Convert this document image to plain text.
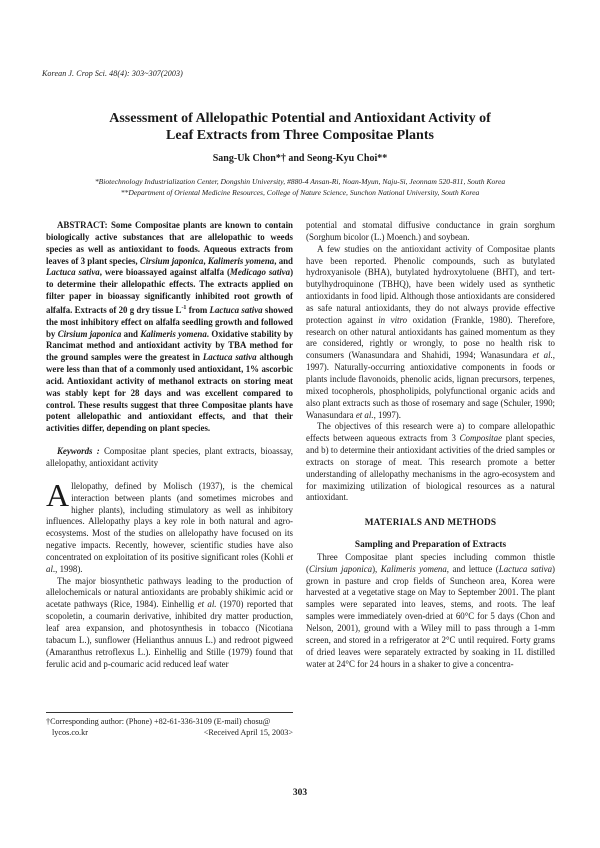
Korean J. Crop Sci. 48(4): 303~307(2003)
Assessment of Allelopathic Potential and Antioxidant Activity of
Leaf Extracts from Three Compositae Plants
Sang-Uk Chon*† and Seong-Kyu Choi**
*Biotechnology Industrialization Center, Dongshin University, #880-4 Ansan-Ri, Noan-Myun, Naju-Si, Jeonnam 520-811, South Korea
**Department of Oriental Medicine Resources, College of Nature Science, Sunchon National University, South Korea
ABSTRACT: Some Compositae plants are known to contain biologically active substances that are allelopathic to weeds species as well as antioxidant to foods. Aqueous extracts from leaves of 3 plant species, Cirsium japonica, Kalimeris yomena, and Lactuca sativa, were bioassayed against alfalfa (Medicago sativa) to determine their allelopathic effects. The extracts applied on filter paper in bioassay significantly inhibited root growth of alfalfa. Extracts of 20 g dry tissue $L^{-1}$ from Lactuca sativa showed the most inhibitory effect on alfalfa seedling growth and followed by Cirsium japonica and Kalimeris yomena. Oxidative stability by Rancimat method and antioxidant activity by TBA method for the ground samples were the greatest in Lactuca sativa although were less than that of a commonly used antioxidant, 1% ascorbic acid. Antioxidant activity of methanol extracts on storing meat was stably kept for 28 days and was excellent compared to control. These results suggest that three Compositae plants have potent allelopathic and antioxidant effects, and that their activities differ, depending on plant species.
Keywords : Compositae plant species, plant extracts, bioassay, allelopathy, antioxidant activity

Allelopathy, defined by Molisch (1937), is the chemical interaction between plants (and sometimes microbes and higher plants), including stimulatory as well as inhibitory influences. Allelopathy plays a key role in both natural and agro-ecosystems. Most of the studies on allelopathy have focused on its negative impacts. Recently, however, scientific studies have also concentrated on exploitation of its positive significant roles (Kohli et al., 1998).

The major biosynthetic pathways leading to the production of allelochemicals or natural antioxidants are probably shikimic acid or acetate pathways (Rice, 1984). Einhellig et al. (1970) reported that scopoletin, a coumarin derivative, inhibited dry matter production, leaf area expansion, and photosynthesis in tobacco (Nicotiana tabacum L.), sunflower (Helianthus annuus L.) and redroot pigweed (Amaranthus retroflexus L.). Einhellig and Stille (1979) found that ferulic acid and p-coumaric acid reduced leaf water

†Corresponding author: (Phone) +82-61-336-3109 (E-mail) chosu@
lycos.co.kr	<Received April 15, 2003>

potential and stomatal diffusive conductance in grain sorghum (Sorghum bicolor (L.) Moench.) and soybean.

A few studies on the antioxidant activity of Compositae plants have been reported. Phenolic compounds, such as butylated hydroxyanisole (BHA), butylated hydroxytoluene (BHT), and tert-butylhydroquinone (TBHQ), have been widely used as synthetic antioxidants in food lipid. Although those antioxidants are considered as safe natural antioxidants, they do not always provide effective protection against in vitro oxidation (Frankle, 1980). Therefore, research on other natural antioxidants has gained momentum as they are considered, rightly or wrongly, to pose no health risk to consumers (Wanasundara and Shahidi, 1994; Wanasundara et al., 1997). Naturally-occurring antioxidative components in foods or plants include flavonoids, phenolic acids, lignan precursors, terpenes, mixed tocopherols, phospholipids, polyfunctional organic acids and also plant extracts such as those of rosemary and sage (Schuler, 1990; Wanasundara et al., 1997).

The objectives of this research were a) to compare allelopathic effects between aqueous extracts from 3 Compositae plant species, and b) to determine their antioxidant activities of the dried samples or extracts on storage of meat. This research promote a better understanding of allelopathy mechanisms in the agro-ecosystem and for maximizing utilization of biological resources as a natural antioxidant.

MATERIALS AND METHODS
Sampling and Preparation of Extracts

Three Compositae plant species including common thistle (Cirsium japonica), Kalimeris yomena, and lettuce (Lactuca sativa) grown in pasture and crop fields of Suncheon area, Korea were harvested at a vegetative stage on May to September 2001. The plant samples were separated into leaves, stems, and roots. The leaf samples were immediately oven-dried at 60°C for 5 days (Chon and Nelson, 2001), ground with a Wiley mill to pass through a 1-mm screen, and stored in a refrigerator at 2°C until required. Forty grams of dried leaves were separately extracted by soaking in 1L distilled water at 24°C for 24 hours in a shaker to give a concentra-

303
